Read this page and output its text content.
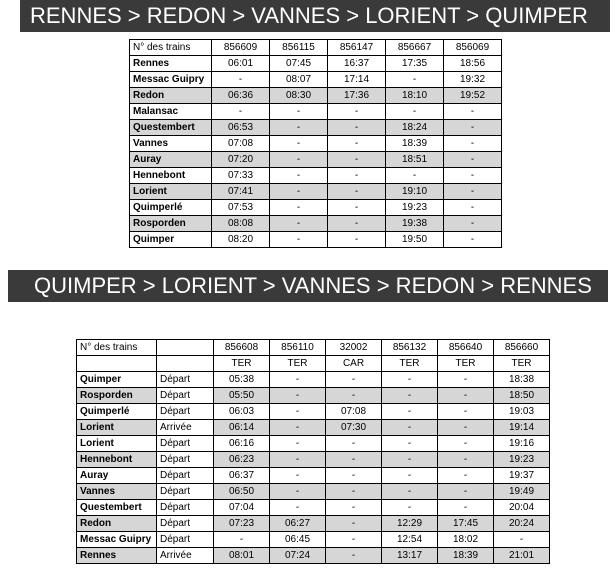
RENNES > REDON > VANNES > LORIENT > QUIMPER
N° des trains	856609	856115	856147	856667	856069
Rennes	06:01	07:45	16:37	17:35	18:56
Messac Guipry	-	08:07	17:14	-	19:32
Redon	06:36	08:30	17:36	18:10	19:52
Malansac	-	-	-	-	-
Questembert	06:53	-	-	18:24	-
Vannes	07:08	-	-	18:39	-
Auray	07:20	-	-	18:51	-
Hennebont	07:33	-	-	-	-
Lorient	07:41	-	-	19:10	-
Quimperlé	07:53	-	-	19:23	-
Rosporden	08:08	-	-	19:38	-
Quimper	08:20	-	-	19:50	-
QUIMPER > LORIENT > VANNES > REDON > RENNES
N° des trains		856608	856110	32002	856132	856640	856660
		TER	TER	CAR	TER	TER	TER
Quimper	Départ	05:38	-	-	-	-	18:38
Rosporden	Départ	05:50	-	-	-	-	18:50
Quimperlé	Départ	06:03	-	07:08	-	-	19:03
Lorient	Arrivée	06:14	-	07:30	-	-	19:14
Lorient	Départ	06:16	-	-	-	-	19:16
Hennebont	Départ	06:23	-	-	-	-	19:23
Auray	Départ	06:37	-	-	-	-	19:37
Vannes	Départ	06:50	-	-	-	-	19:49
Questembert	Départ	07:04	-	-	-	-	20:04
Redon	Départ	07:23	06:27	-	12:29	17:45	20:24
Messac Guipry	Départ	-	06:45	-	12:54	18:02	-
Rennes	Arrivée	08:01	07:24	-	13:17	18:39	21:01
